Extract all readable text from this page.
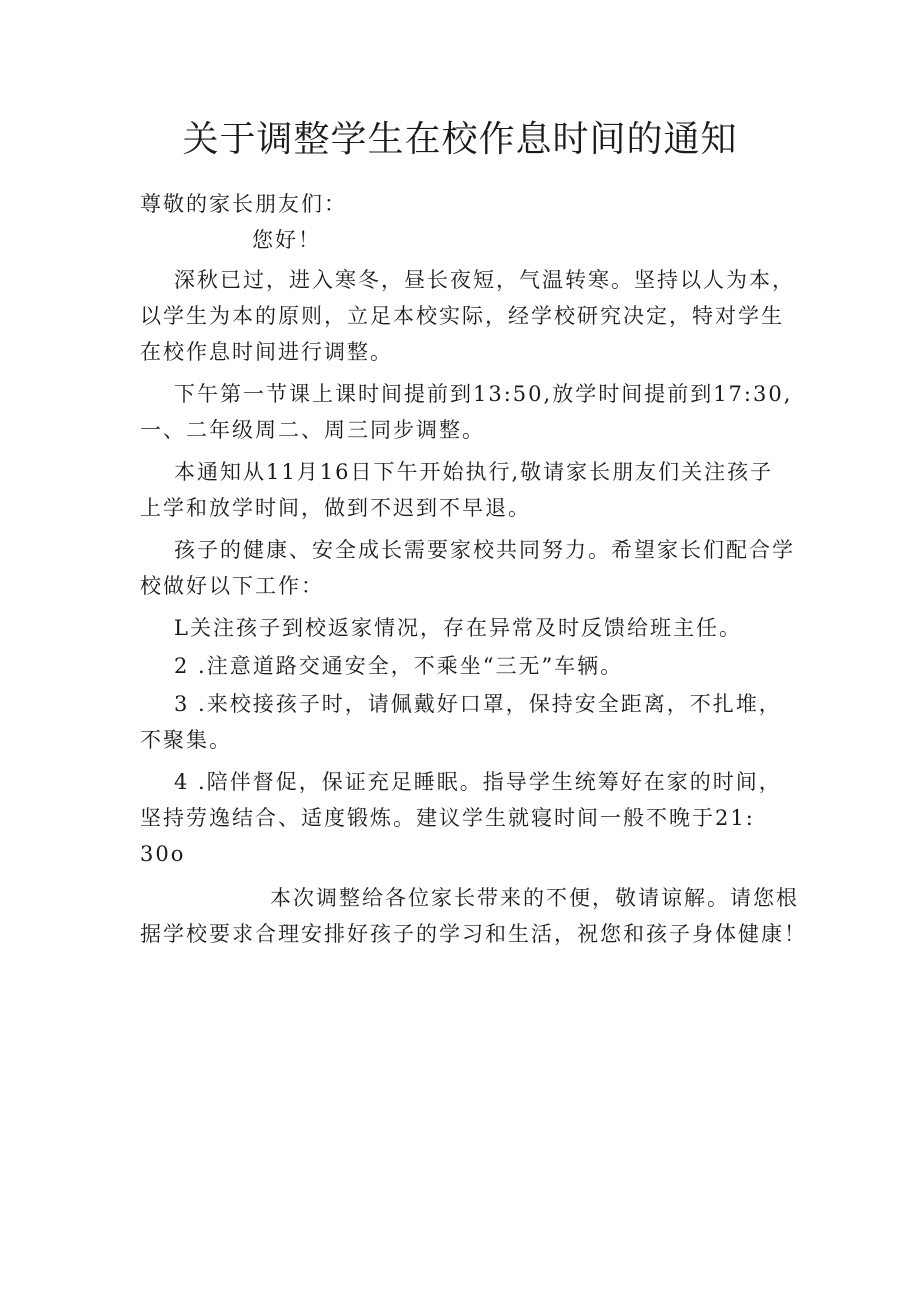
关于调整学生在校作息时间的通知
尊敬的家长朋友们：
您好！
深秋已过，进入寒冬，昼长夜短，气温转寒。坚持以人为本，
以学生为本的原则，立足本校实际，经学校研究决定，特对学生
在校作息时间进行调整。
下午第一节课上课时间提前到13:50,放学时间提前到17:30,
一、二年级周二、周三同步调整。
本通知从11月16日下午开始执行,敬请家长朋友们关注孩子
上学和放学时间，做到不迟到不早退。
孩子的健康、安全成长需要家校共同努力。希望家长们配合学
校做好以下工作：
L关注孩子到校返家情况，存在异常及时反馈给班主任。
2 .注意道路交通安全，不乘坐“三无”车辆。
3 .来校接孩子时，请佩戴好口罩，保持安全距离，不扎堆，
不聚集。
4 .陪伴督促，保证充足睡眠。指导学生统筹好在家的时间，
坚持劳逸结合、适度锻炼。建议学生就寝时间一般不晚于21:
30o
本次调整给各位家长带来的不便，敬请谅解。请您根
据学校要求合理安排好孩子的学习和生活，祝您和孩子身体健康！
